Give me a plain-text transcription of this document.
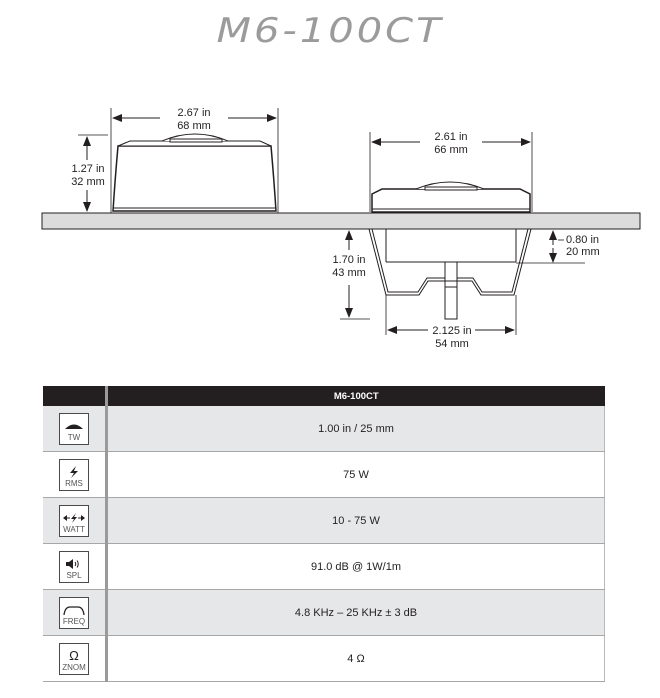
M6-100CT
2.67 in
68 mm
1.27 in
32 mm
2.61 in
66 mm
1.70 in
43 mm
0.80 in
20 mm
2.125 in
54 mm
	M6-100CT

TW	1.00 in / 25 mm

RMS	75 W

WATT	10 - 75 W

SPL	91.0 dB @ 1W/1m

FREQ	4.8 KHz – 25 KHz ± 3 dB

Ω
ZNOM	4 Ω
